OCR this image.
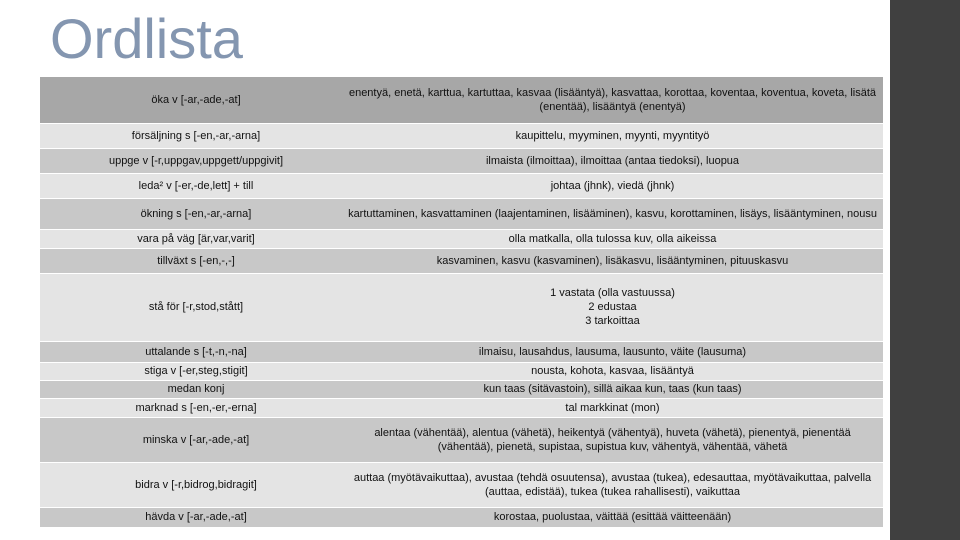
Ordlista
öka v [-ar,-ade,-at]	enentyä, enetä, karttua, kartuttaa, kasvaa (lisääntyä), kasvattaa, korottaa, koventaa, koventua, koveta, lisätä (enentää), lisääntyä (enentyä)
försäljning s [-en,-ar,-arna]	kaupittelu, myyminen, myynti, myyntityö
uppge v [-r,uppgav,uppgett/uppgivit]	ilmaista (ilmoittaa), ilmoittaa (antaa tiedoksi), luopua
leda² v [-er,-de,lett] + till	johtaa (jhnk), viedä (jhnk)
ökning s [-en,-ar,-arna]	kartuttaminen, kasvattaminen (laajentaminen, lisääminen), kasvu, korottaminen, lisäys, lisääntyminen, nousu
vara på väg [är,var,varit]	olla matkalla, olla tulossa kuv, olla aikeissa
tillväxt s [-en,-,-]	kasvaminen, kasvu (kasvaminen), lisäkasvu, lisääntyminen, pituuskasvu
stå för [-r,stod,stått]	1 vastata (olla vastuussa)
2 edustaa
3 tarkoittaa

uttalande s [-t,-n,-na]	ilmaisu, lausahdus, lausuma, lausunto, väite (lausuma)
stiga v [-er,steg,stigit]	nousta, kohota, kasvaa, lisääntyä
medan konj	kun taas (sitävastoin), sillä aikaa kun, taas (kun taas)
marknad s [-en,-er,-erna]	tal markkinat (mon)
minska v [-ar,-ade,-at]	alentaa (vähentää), alentua (vähetä), heikentyä (vähentyä), huveta (vähetä), pienentyä, pienentää (vähentää), pienetä, supistaa, supistua kuv, vähentyä, vähentää, vähetä
bidra v [-r,bidrog,bidragit]	auttaa (myötävaikuttaa), avustaa (tehdä osuutensa), avustaa (tukea), edesauttaa, myötävaikuttaa, palvella (auttaa, edistää), tukea (tukea rahallisesti), vaikuttaa
hävda v [-ar,-ade,-at]	korostaa, puolustaa, väittää (esittää väitteenään)
